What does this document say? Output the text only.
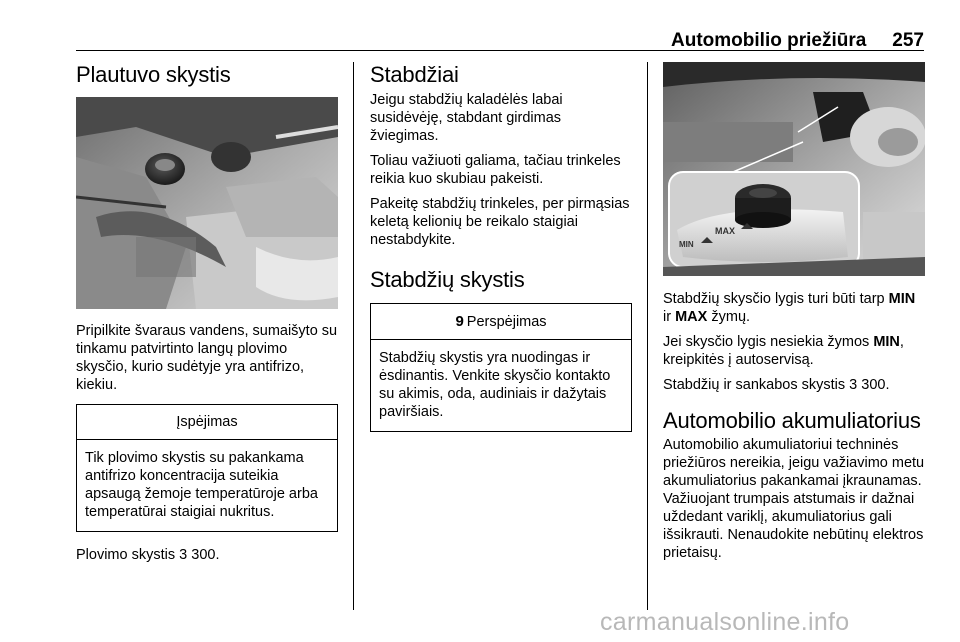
Automobilio priežiūra 257
Plautuvo skystis

Pripilkite švaraus vandens, sumaišyto su tinkamu patvirtinto langų plovimo skysčio, kurio sudėtyje yra antifrizo, kiekiu.

Įspėjimas
Tik plovimo skystis su pakankama antifrizo koncentracija suteikia apsaugą žemoje temperatūroje arba temperatūrai staigiai nukritus.

Plovimo skystis 3 300.

Stabdžiai

Jeigu stabdžių kaladėlės labai susidėvėję, stabdant girdimas žviegimas.

Toliau važiuoti galiama, tačiau trinkeles reikia kuo skubiau pakeisti.

Pakeitę stabdžių trinkeles, per pirmąsias keletą kelionių be reikalo staigiai nestabdykite.

Stabdžių skystis
9 Perspėjimas
Stabdžių skystis yra nuodingas ir ėsdinantis. Venkite skysčio kontakto su akimis, oda, audiniais ir dažytais paviršiais.
MAX
MIN

Stabdžių skysčio lygis turi būti tarp MIN ir MAX žymų.

Jei skysčio lygis nesiekia žymos MIN, kreipkitės į autoservisą.

Stabdžių ir sankabos skystis 3 300.

Automobilio akumuliatorius

Automobilio akumuliatoriui techninės priežiūros nereikia, jeigu važiavimo metu akumuliatorius pakankamai įkraunamas. Važiuojant trumpais atstumais ir dažnai uždedant variklį, akumuliatorius gali išsikrauti. Nenaudokite nebūtinų elektros prietaisų.

carmanualsonline.info
